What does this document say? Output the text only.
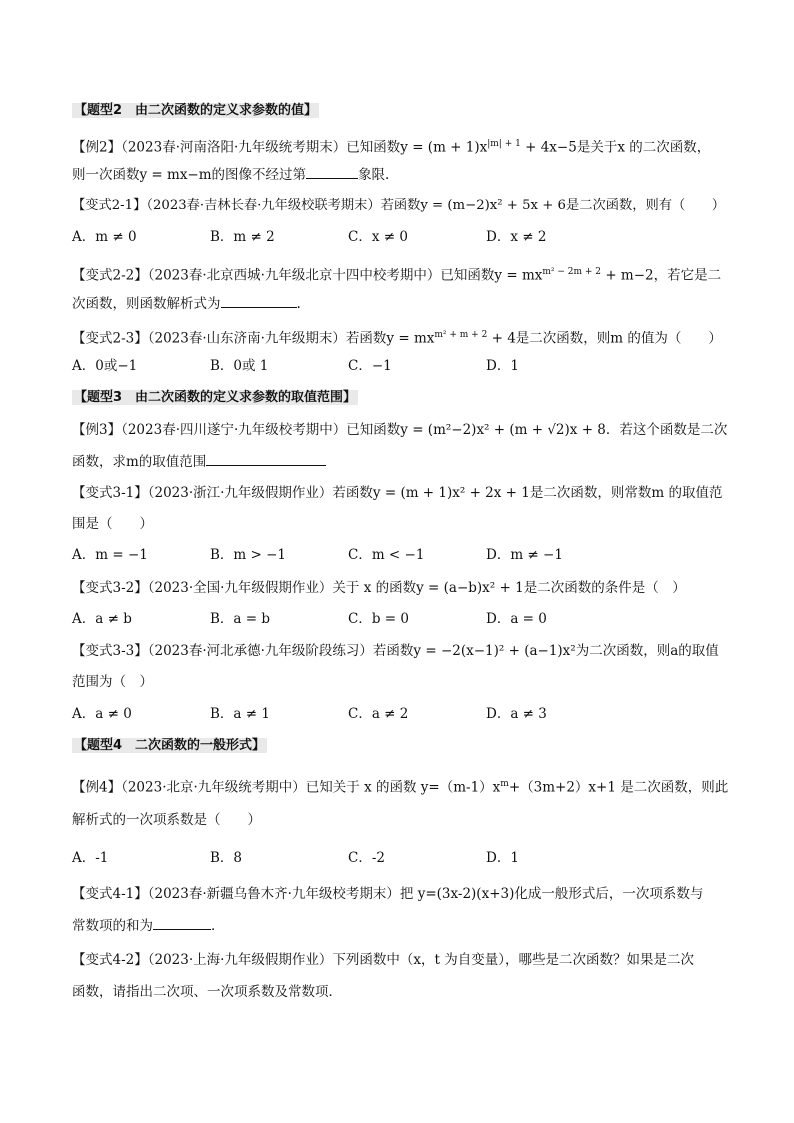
【题型2　由二次函数的定义求参数的值】
【例2】（2023春·河南洛阳·九年级统考期末）已知函数$y = (m + 1)x^{|m| + 1} + 4x-5$是关于x 的二次函数，
则一次函数y = mx−m的图像不经过第	象限.
【变式2-1】（2023春·吉林长春·九年级校联考期末）若函数y = (m−2)x² + 5x + 6是二次函数，则有（　　）
A．m ≠ 0	B．m ≠ 2	C．x ≠ 0	D．x ≠ 2
【变式2-2】（2023春·北京西城·九年级北京十四中校考期中）已知函数$y = mx^{m^2 - 2m + 2} + m-2$，若它是二
次函数，则函数解析式为	.
【变式2-3】（2023春·山东济南·九年级期末）若函数$y = mx^{m^2 + m + 2} + 4$是二次函数，则m 的值为（　　）
A．0或−1	B．0或 1	C．−1	D．1
【题型3　由二次函数的定义求参数的取值范围】
【例3】（2023春·四川遂宁·九年级校考期中）已知函数y = (m²−2)x² + (m + √2)x + 8．若这个函数是二次
函数，求m的取值范围
【变式3-1】（2023·浙江·九年级假期作业）若函数y = (m + 1)x² + 2x + 1是二次函数，则常数m 的取值范
围是（　　）
A．m = −1	B．m > −1	C．m < −1	D．m ≠ −1
【变式3-2】（2023·全国·九年级假期作业）关于 x 的函数y = (a−b)x² + 1是二次函数的条件是（　）
A．a ≠ b	B．a = b	C．b = 0	D．a = 0
【变式3-3】（2023春·河北承德·九年级阶段练习）若函数y = −2(x−1)² + (a−1)x²为二次函数，则a的取值
范围为（　）
A．a ≠ 0	B．a ≠ 1	C．a ≠ 2	D．a ≠ 3
【题型4　二次函数的一般形式】
【例4】（2023·北京·九年级统考期中）已知关于 x 的函数 $y=(m-1)x^m+(3m+2)x+1$ 是二次函数，则此
解析式的一次项系数是（　　）
A．-1	B．8	C．-2	D．1
【变式4-1】（2023春·新疆乌鲁木齐·九年级校考期末）把 y=(3x-2)(x+3)化成一般形式后，一次项系数与
常数项的和为	．
【变式4-2】（2023·上海·九年级假期作业）下列函数中（x，t 为自变量），哪些是二次函数？如果是二次
函数，请指出二次项、一次项系数及常数项．
